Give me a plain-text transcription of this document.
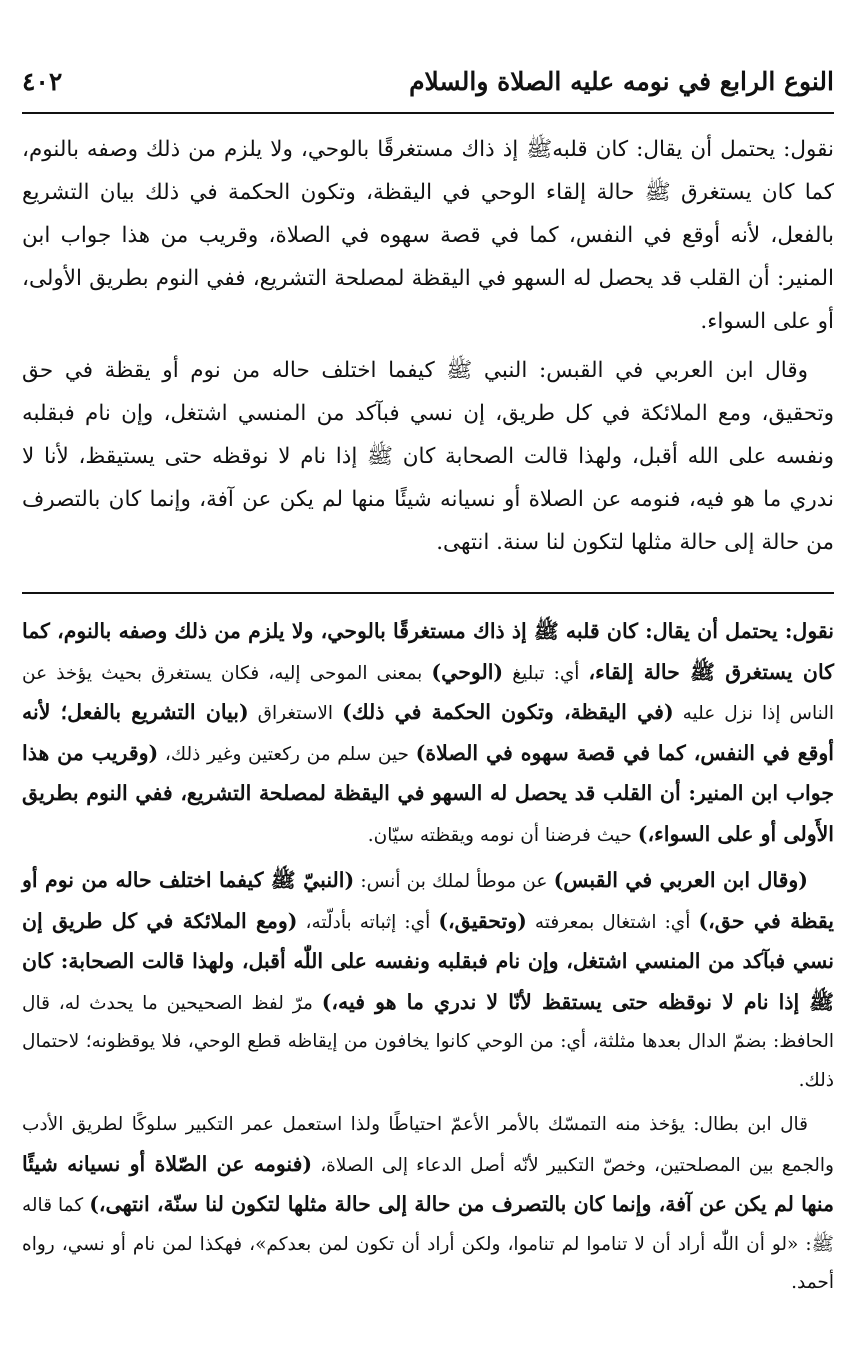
النوع الرابع في نومه عليه الصلاة والسلام
٤٠٢

نقول: يحتمل أن يقال: كان قلبهﷺ إذ ذاك مستغرقًا بالوحي، ولا يلزم من ذلك وصفه بالنوم، كما كان يستغرق ﷺ حالة إلقاء الوحي في اليقظة، وتكون الحكمة في ذلك بيان التشريع بالفعل، لأنه أوقع في النفس، كما في قصة سهوه في الصلاة، وقريب من هذا جواب ابن المنير: أن القلب قد يحصل له السهو في اليقظة لمصلحة التشريع، ففي النوم بطريق الأولى، أو على السواء.

وقال ابن العربي في القبس: النبي ﷺ كيفما اختلف حاله من نوم أو يقظة في حق وتحقيق، ومع الملائكة في كل طريق، إن نسي فبآكد من المنسي اشتغل، وإن نام فبقلبه ونفسه على الله أقبل، ولهذا قالت الصحابة كان ﷺ إذا نام لا نوقظه حتى يستيقظ، لأنا لا ندري ما هو فيه، فنومه عن الصلاة أو نسيانه شيئًا منها لم يكن عن آفة، وإنما كان بالتصرف من حالة إلى حالة مثلها لتكون لنا سنة. انتهى.

نقول: يحتمل أن يقال: كان قلبه ﷺ إذ ذاك مستغرقًا بالوحي، ولا يلزم من ذلك وصفه بالنوم، كما كان يستغرق ﷺ حالة إلقاء، أي: تبليغ (الوحي) بمعنى الموحى إليه، فكان يستغرق بحيث يؤخذ عن الناس إذا نزل عليه (في اليقظة، وتكون الحكمة في ذلك) الاستغراق (بيان التشريع بالفعل؛ لأنه أوقع في النفس، كما في قصة سهوه في الصلاة) حين سلم من ركعتين وغير ذلك، (وقريب من هذا جواب ابن المنير: أن القلب قد يحصل له السهو في اليقظة لمصلحة التشريع، ففي النوم بطريق الأَولى أو على السواء،) حيث فرضنا أن نومه ويقظته سيّان.

(وقال ابن العربي في القبس) عن موطأ لملك بن أنس: (النبيّ ﷺ كيفما اختلف حاله من نوم أو يقظة في حق،) أي: اشتغال بمعرفته (وتحقيق،) أي: إثباته بأدلّته، (ومع الملائكة في كل طريق إن نسي فبآكد من المنسي اشتغل، وإن نام فبقلبه ونفسه على اللّٰه أقبل، ولهذا قالت الصحابة: كان ﷺ إذا نام لا نوقظه حتى يستقظ لأنّا لا ندري ما هو فيه،) مرّ لفظ الصحيحين ما يحدث له، قال الحافظ: بضمّ الدال بعدها مثلثة، أي: من الوحي كانوا يخافون من إيقاظه قطع الوحي، فلا يوقظونه؛ لاحتمال ذلك.

قال ابن بطال: يؤخذ منه التمسّك بالأمر الأعمّ احتياطًا ولذا استعمل عمر التكبير سلوكًا لطريق الأدب والجمع بين المصلحتين، وخصّ التكبير لأنّه أصل الدعاء إلى الصلاة، (فنومه عن الصّلاة أو نسيانه شيئًا منها لم يكن عن آفة، وإنما كان بالتصرف من حالة إلى حالة مثلها لتكون لنا سنّة، انتهى،) كما قاله ﷺ: «لو أن اللّٰه أراد أن لا تناموا لم تناموا، ولكن أراد أن تكون لمن بعدكم»، فهكذا لمن نام أو نسي، رواه أحمد.
